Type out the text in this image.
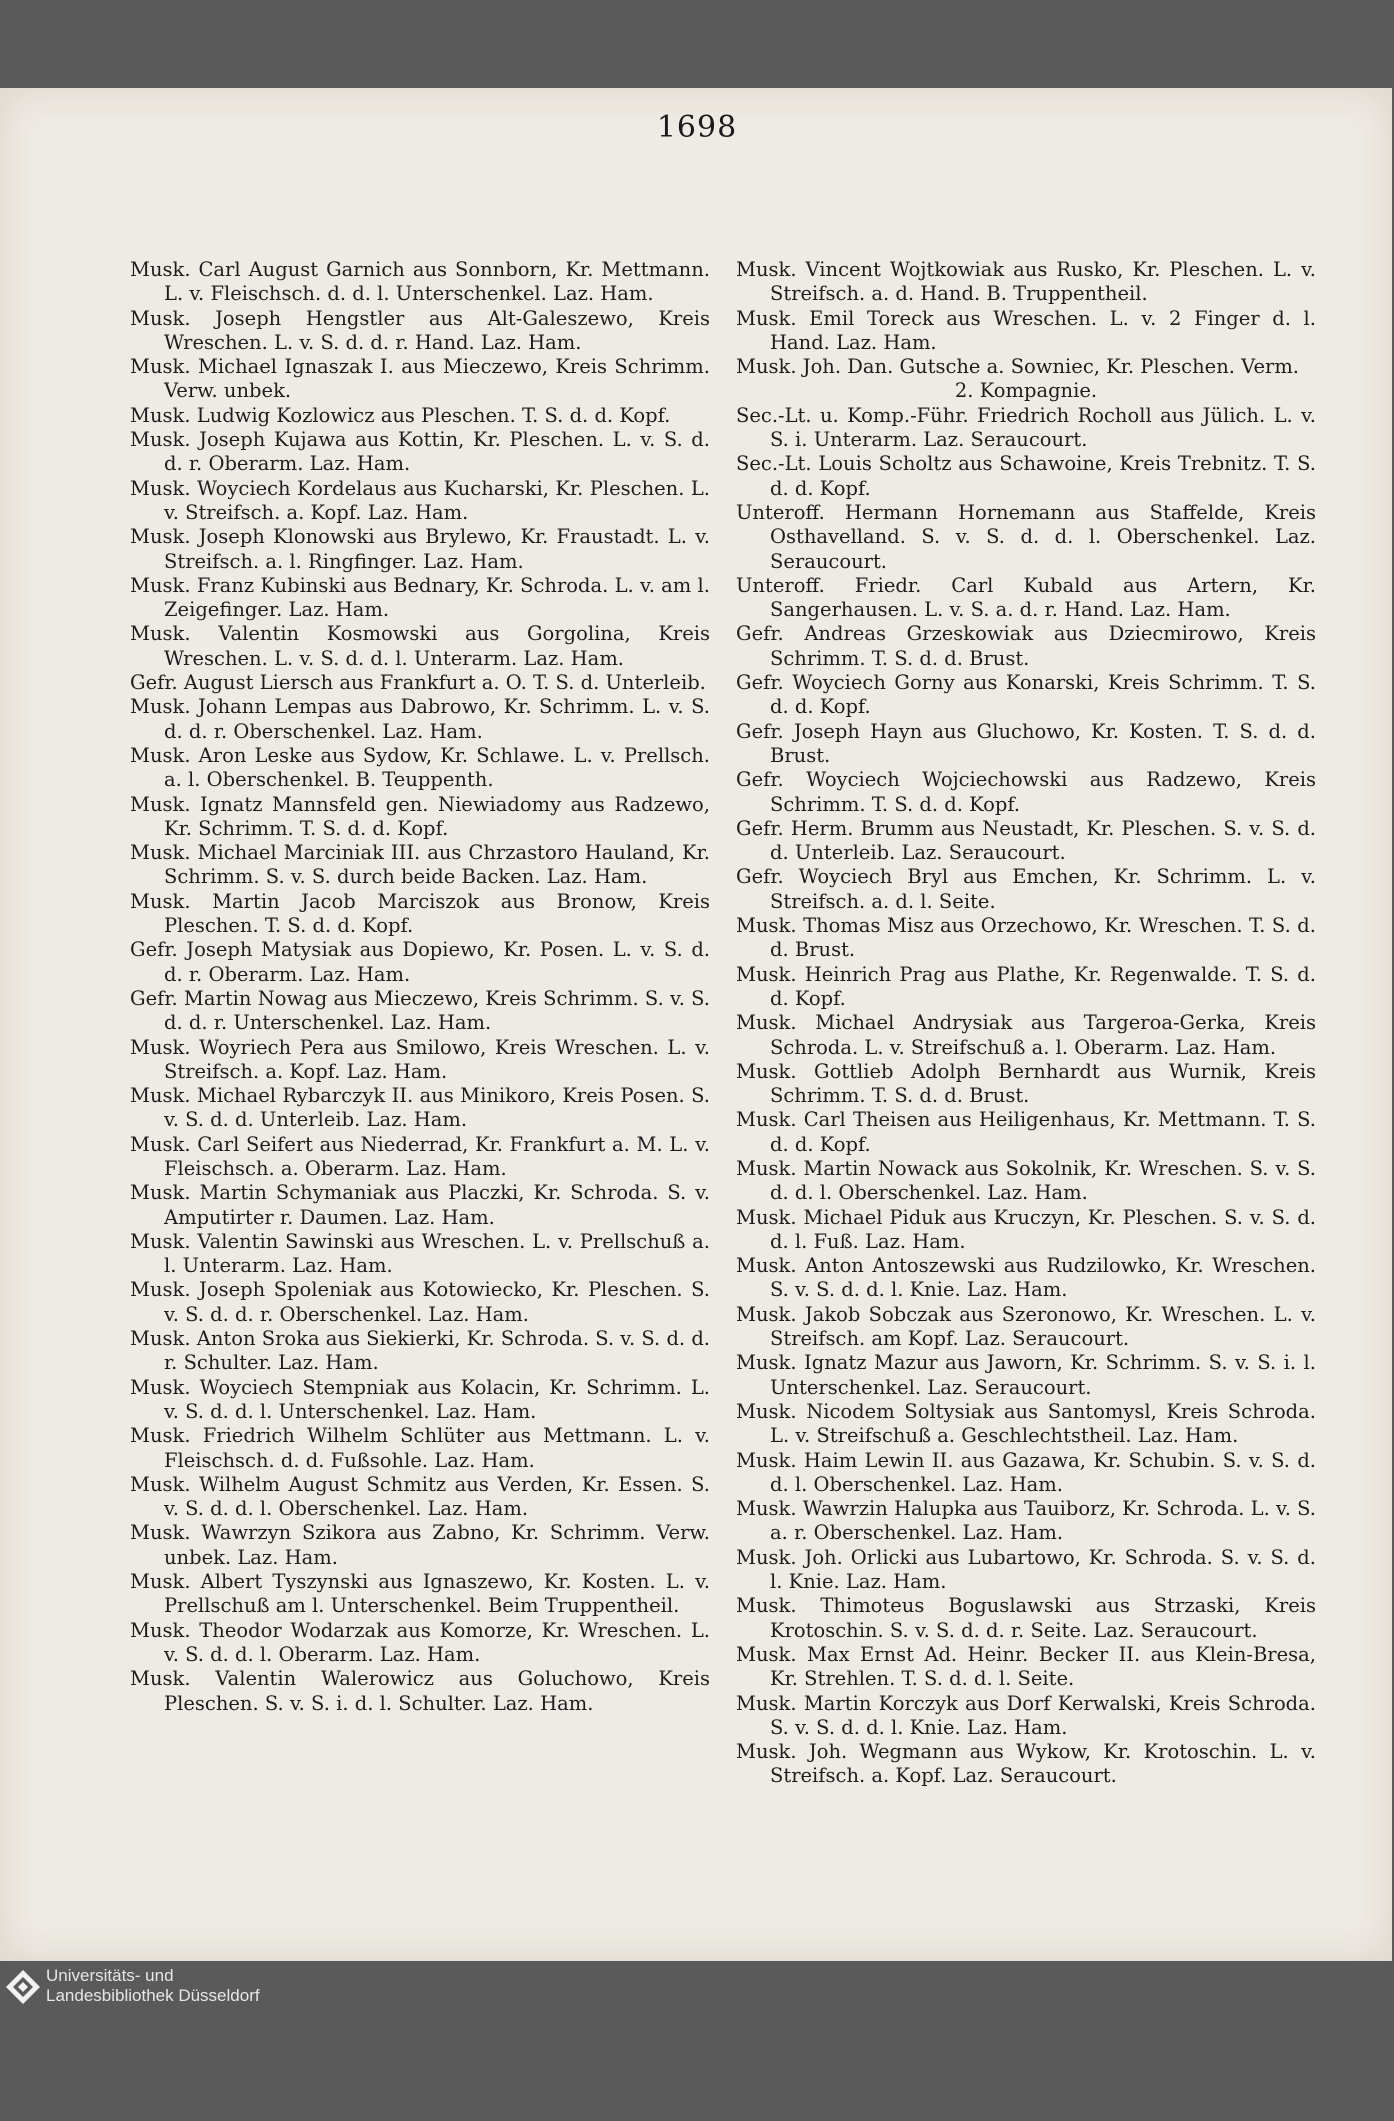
1698

Musk. Carl August Garnich aus Sonnborn, Kr. Mettmann. L. v. Fleischsch. d. d. l. Unterschenkel. Laz. Ham.

Musk. Joseph Hengstler aus Alt-Galeszewo, Kreis Wreschen. L. v. S. d. d. r. Hand. Laz. Ham.

Musk. Michael Ignaszak I. aus Mieczewo, Kreis Schrimm. Verw. unbek.

Musk. Ludwig Kozlowicz aus Pleschen. T. S. d. d. Kopf.

Musk. Joseph Kujawa aus Kottin, Kr. Pleschen. L. v. S. d. d. r. Oberarm. Laz. Ham.

Musk. Woyciech Kordelaus aus Kucharski, Kr. Pleschen. L. v. Streifsch. a. Kopf. Laz. Ham.

Musk. Joseph Klonowski aus Brylewo, Kr. Fraustadt. L. v. Streifsch. a. l. Ringfinger. Laz. Ham.

Musk. Franz Kubinski aus Bednary, Kr. Schroda. L. v. am l. Zeigefinger. Laz. Ham.

Musk. Valentin Kosmowski aus Gorgolina, Kreis Wreschen. L. v. S. d. d. l. Unterarm. Laz. Ham.

Gefr. August Liersch aus Frankfurt a. O. T. S. d. Unterleib.

Musk. Johann Lempas aus Dabrowo, Kr. Schrimm. L. v. S. d. d. r. Oberschenkel. Laz. Ham.

Musk. Aron Leske aus Sydow, Kr. Schlawe. L. v. Prellsch. a. l. Oberschenkel. B. Teuppenth.

Musk. Ignatz Mannsfeld gen. Niewiadomy aus Radzewo, Kr. Schrimm. T. S. d. d. Kopf.

Musk. Michael Marciniak III. aus Chrzastoro Hauland, Kr. Schrimm. S. v. S. durch beide Backen. Laz. Ham.

Musk. Martin Jacob Marciszok aus Bronow, Kreis Pleschen. T. S. d. d. Kopf.

Gefr. Joseph Matysiak aus Dopiewo, Kr. Posen. L. v. S. d. d. r. Oberarm. Laz. Ham.

Gefr. Martin Nowag aus Mieczewo, Kreis Schrimm. S. v. S. d. d. r. Unterschenkel. Laz. Ham.

Musk. Woyriech Pera aus Smilowo, Kreis Wreschen. L. v. Streifsch. a. Kopf. Laz. Ham.

Musk. Michael Rybarczyk II. aus Minikoro, Kreis Posen. S. v. S. d. d. Unterleib. Laz. Ham.

Musk. Carl Seifert aus Niederrad, Kr. Frankfurt a. M. L. v. Fleischsch. a. Oberarm. Laz. Ham.

Musk. Martin Schymaniak aus Placzki, Kr. Schroda. S. v. Amputirter r. Daumen. Laz. Ham.

Musk. Valentin Sawinski aus Wreschen. L. v. Prellschuß a. l. Unterarm. Laz. Ham.

Musk. Joseph Spoleniak aus Kotowiecko, Kr. Pleschen. S. v. S. d. d. r. Oberschenkel. Laz. Ham.

Musk. Anton Sroka aus Siekierki, Kr. Schroda. S. v. S. d. d. r. Schulter. Laz. Ham.

Musk. Woyciech Stempniak aus Kolacin, Kr. Schrimm. L. v. S. d. d. l. Unterschenkel. Laz. Ham.

Musk. Friedrich Wilhelm Schlüter aus Mettmann. L. v. Fleischsch. d. d. Fußsohle. Laz. Ham.

Musk. Wilhelm August Schmitz aus Verden, Kr. Essen. S. v. S. d. d. l. Oberschenkel. Laz. Ham.

Musk. Wawrzyn Szikora aus Zabno, Kr. Schrimm. Verw. unbek. Laz. Ham.

Musk. Albert Tyszynski aus Ignaszewo, Kr. Kosten. L. v. Prellschuß am l. Unterschenkel. Beim Truppentheil.

Musk. Theodor Wodarzak aus Komorze, Kr. Wreschen. L. v. S. d. d. l. Oberarm. Laz. Ham.

Musk. Valentin Walerowicz aus Goluchowo, Kreis Pleschen. S. v. S. i. d. l. Schulter. Laz. Ham.

Musk. Vincent Wojtkowiak aus Rusko, Kr. Pleschen. L. v. Streifsch. a. d. Hand. B. Truppentheil.

Musk. Emil Toreck aus Wreschen. L. v. 2 Finger d. l. Hand. Laz. Ham.

Musk. Joh. Dan. Gutsche a. Sowniec, Kr. Pleschen. Verm.

2. Kompagnie.

Sec.-Lt. u. Komp.-Führ. Friedrich Rocholl aus Jülich. L. v. S. i. Unterarm. Laz. Seraucourt.

Sec.-Lt. Louis Scholtz aus Schawoine, Kreis Trebnitz. T. S. d. d. Kopf.

Unteroff. Hermann Hornemann aus Staffelde, Kreis Osthavelland. S. v. S. d. d. l. Oberschenkel. Laz. Seraucourt.

Unteroff. Friedr. Carl Kubald aus Artern, Kr. Sangerhausen. L. v. S. a. d. r. Hand. Laz. Ham.

Gefr. Andreas Grzeskowiak aus Dziecmirowo, Kreis Schrimm. T. S. d. d. Brust.

Gefr. Woyciech Gorny aus Konarski, Kreis Schrimm. T. S. d. d. Kopf.

Gefr. Joseph Hayn aus Gluchowo, Kr. Kosten. T. S. d. d. Brust.

Gefr. Woyciech Wojciechowski aus Radzewo, Kreis Schrimm. T. S. d. d. Kopf.

Gefr. Herm. Brumm aus Neustadt, Kr. Pleschen. S. v. S. d. d. Unterleib. Laz. Seraucourt.

Gefr. Woyciech Bryl aus Emchen, Kr. Schrimm. L. v. Streifsch. a. d. l. Seite.

Musk. Thomas Misz aus Orzechowo, Kr. Wreschen. T. S. d. d. Brust.

Musk. Heinrich Prag aus Plathe, Kr. Regenwalde. T. S. d. d. Kopf.

Musk. Michael Andrysiak aus Targeroa-Gerka, Kreis Schroda. L. v. Streifschuß a. l. Oberarm. Laz. Ham.

Musk. Gottlieb Adolph Bernhardt aus Wurnik, Kreis Schrimm. T. S. d. d. Brust.

Musk. Carl Theisen aus Heiligenhaus, Kr. Mettmann. T. S. d. d. Kopf.

Musk. Martin Nowack aus Sokolnik, Kr. Wreschen. S. v. S. d. d. l. Oberschenkel. Laz. Ham.

Musk. Michael Piduk aus Kruczyn, Kr. Pleschen. S. v. S. d. d. l. Fuß. Laz. Ham.

Musk. Anton Antoszewski aus Rudzilowko, Kr. Wreschen. S. v. S. d. d. l. Knie. Laz. Ham.

Musk. Jakob Sobczak aus Szeronowo, Kr. Wreschen. L. v. Streifsch. am Kopf. Laz. Seraucourt.

Musk. Ignatz Mazur aus Jaworn, Kr. Schrimm. S. v. S. i. l. Unterschenkel. Laz. Seraucourt.

Musk. Nicodem Soltysiak aus Santomysl, Kreis Schroda. L. v. Streifschuß a. Geschlechtstheil. Laz. Ham.

Musk. Haim Lewin II. aus Gazawa, Kr. Schubin. S. v. S. d. d. l. Oberschenkel. Laz. Ham.

Musk. Wawrzin Halupka aus Tauiborz, Kr. Schroda. L. v. S. a. r. Oberschenkel. Laz. Ham.

Musk. Joh. Orlicki aus Lubartowo, Kr. Schroda. S. v. S. d. l. Knie. Laz. Ham.

Musk. Thimoteus Boguslawski aus Strzaski, Kreis Krotoschin. S. v. S. d. d. r. Seite. Laz. Seraucourt.

Musk. Max Ernst Ad. Heinr. Becker II. aus Klein-Bresa, Kr. Strehlen. T. S. d. d. l. Seite.

Musk. Martin Korczyk aus Dorf Kerwalski, Kreis Schroda. S. v. S. d. d. l. Knie. Laz. Ham.

Musk. Joh. Wegmann aus Wykow, Kr. Krotoschin. L. v. Streifsch. a. Kopf. Laz. Seraucourt.

Universitäts- und
Landesbibliothek Düsseldorf
